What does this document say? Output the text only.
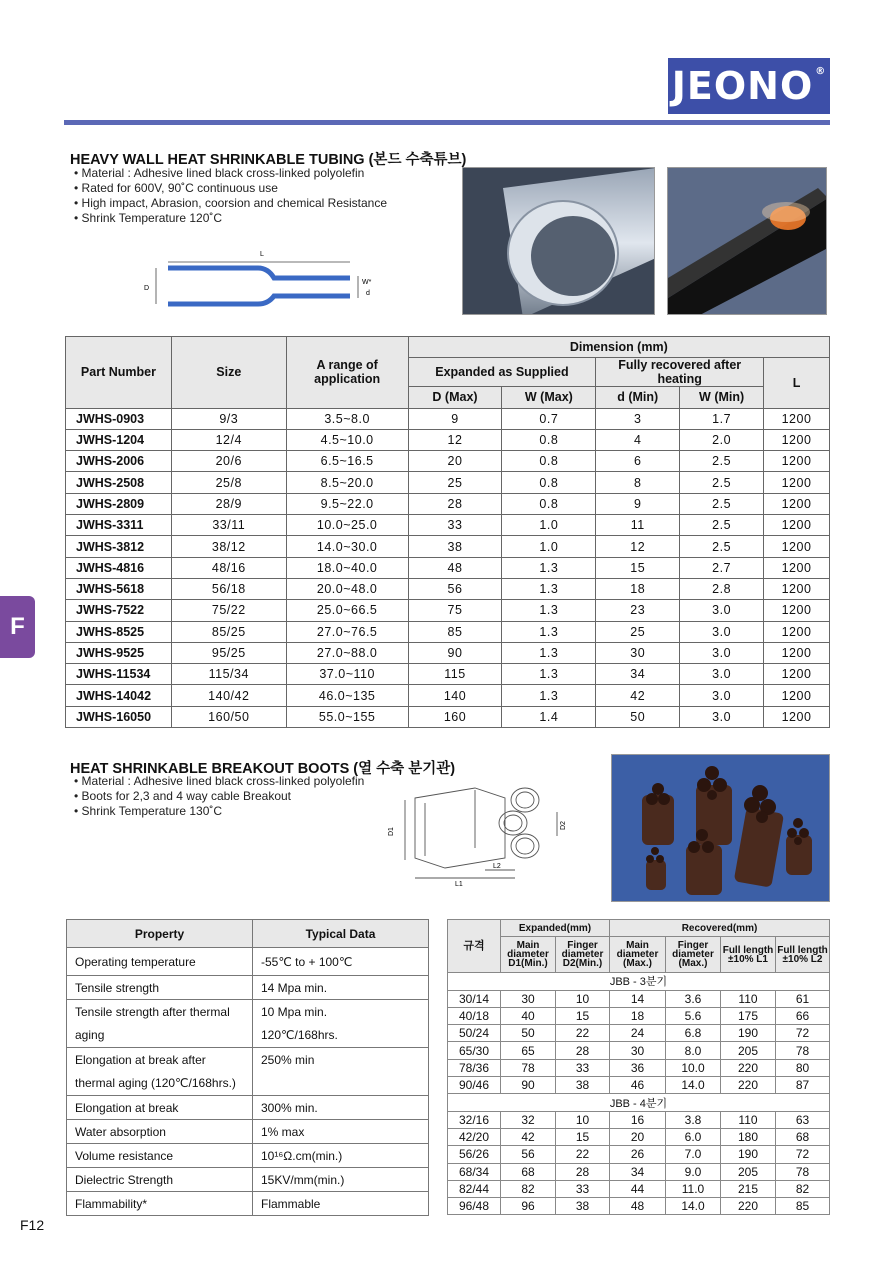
JEONO®
HEAVY WALL HEAT SHRINKABLE TUBING (본드 수축튜브)
• Material : Adhesive lined black cross-linked polyolefin
• Rated for 600V, 90˚C continuous use
• High impact, Abrasion, coorsion and chemical Resistance
• Shrink Temperature 120˚C
L
D
W*
d
Part Number	Size	A range of application	Dimension (mm)				
			Expanded as Supplied		Fully recovered after heating		L
			D (Max)	W (Max)	d (Min)	W (Min)	
JWHS-0903	9/3	3.5~8.0	9	0.7	3	1.7	1200
JWHS-1204	12/4	4.5~10.0	12	0.8	4	2.0	1200
JWHS-2006	20/6	6.5~16.5	20	0.8	6	2.5	1200
JWHS-2508	25/8	8.5~20.0	25	0.8	8	2.5	1200
JWHS-2809	28/9	9.5~22.0	28	0.8	9	2.5	1200
JWHS-3311	33/11	10.0~25.0	33	1.0	11	2.5	1200
JWHS-3812	38/12	14.0~30.0	38	1.0	12	2.5	1200
JWHS-4816	48/16	18.0~40.0	48	1.3	15	2.7	1200
JWHS-5618	56/18	20.0~48.0	56	1.3	18	2.8	1200
JWHS-7522	75/22	25.0~66.5	75	1.3	23	3.0	1200
JWHS-8525	85/25	27.0~76.5	85	1.3	25	3.0	1200
JWHS-9525	95/25	27.0~88.0	90	1.3	30	3.0	1200
JWHS-11534	115/34	37.0~110	115	1.3	34	3.0	1200
JWHS-14042	140/42	46.0~135	140	1.3	42	3.0	1200
JWHS-16050	160/50	55.0~155	160	1.4	50	3.0	1200
F
HEAT SHRINKABLE BREAKOUT BOOTS (열 수축 분기관)
• Material : Adhesive lined black cross-linked polyolefin
• Boots for 2,3 and 4 way cable Breakout
• Shrink Temperature 130˚C
D1
D2
L1
L2
Property	Typical Data
Operating temperature	-55℃ to + 100℃
Tensile strength	14 Mpa min.
Tensile strength after thermal	10 Mpa min.
aging	120℃/168hrs.
Elongation at break after	250% min
thermal aging (120℃/168hrs.)	
Elongation at break	300% min.
Water absorption	1% max
Volume resistance	10¹⁶Ω.cm(min.)
Dielectric Strength	15KV/mm(min.)
Flammability*	Flammable
규격	Expanded(mm)		Recovered(mm)			
	Main diameter D1(Min.)	Finger diameter D2(Min.)	Main diameter (Max.)	Finger diameter (Max.)	Full length ±10% L1	Full length ±10% L2
JBB - 3분기						
30/14	30	10	14	3.6	110	61
40/18	40	15	18	5.6	175	66
50/24	50	22	24	6.8	190	72
65/30	65	28	30	8.0	205	78
78/36	78	33	36	10.0	220	80
90/46	90	38	46	14.0	220	87
JBB - 4분기						
32/16	32	10	16	3.8	110	63
42/20	42	15	20	6.0	180	68
56/26	56	22	26	7.0	190	72
68/34	68	28	34	9.0	205	78
82/44	82	33	44	11.0	215	82
96/48	96	38	48	14.0	220	85
F12
